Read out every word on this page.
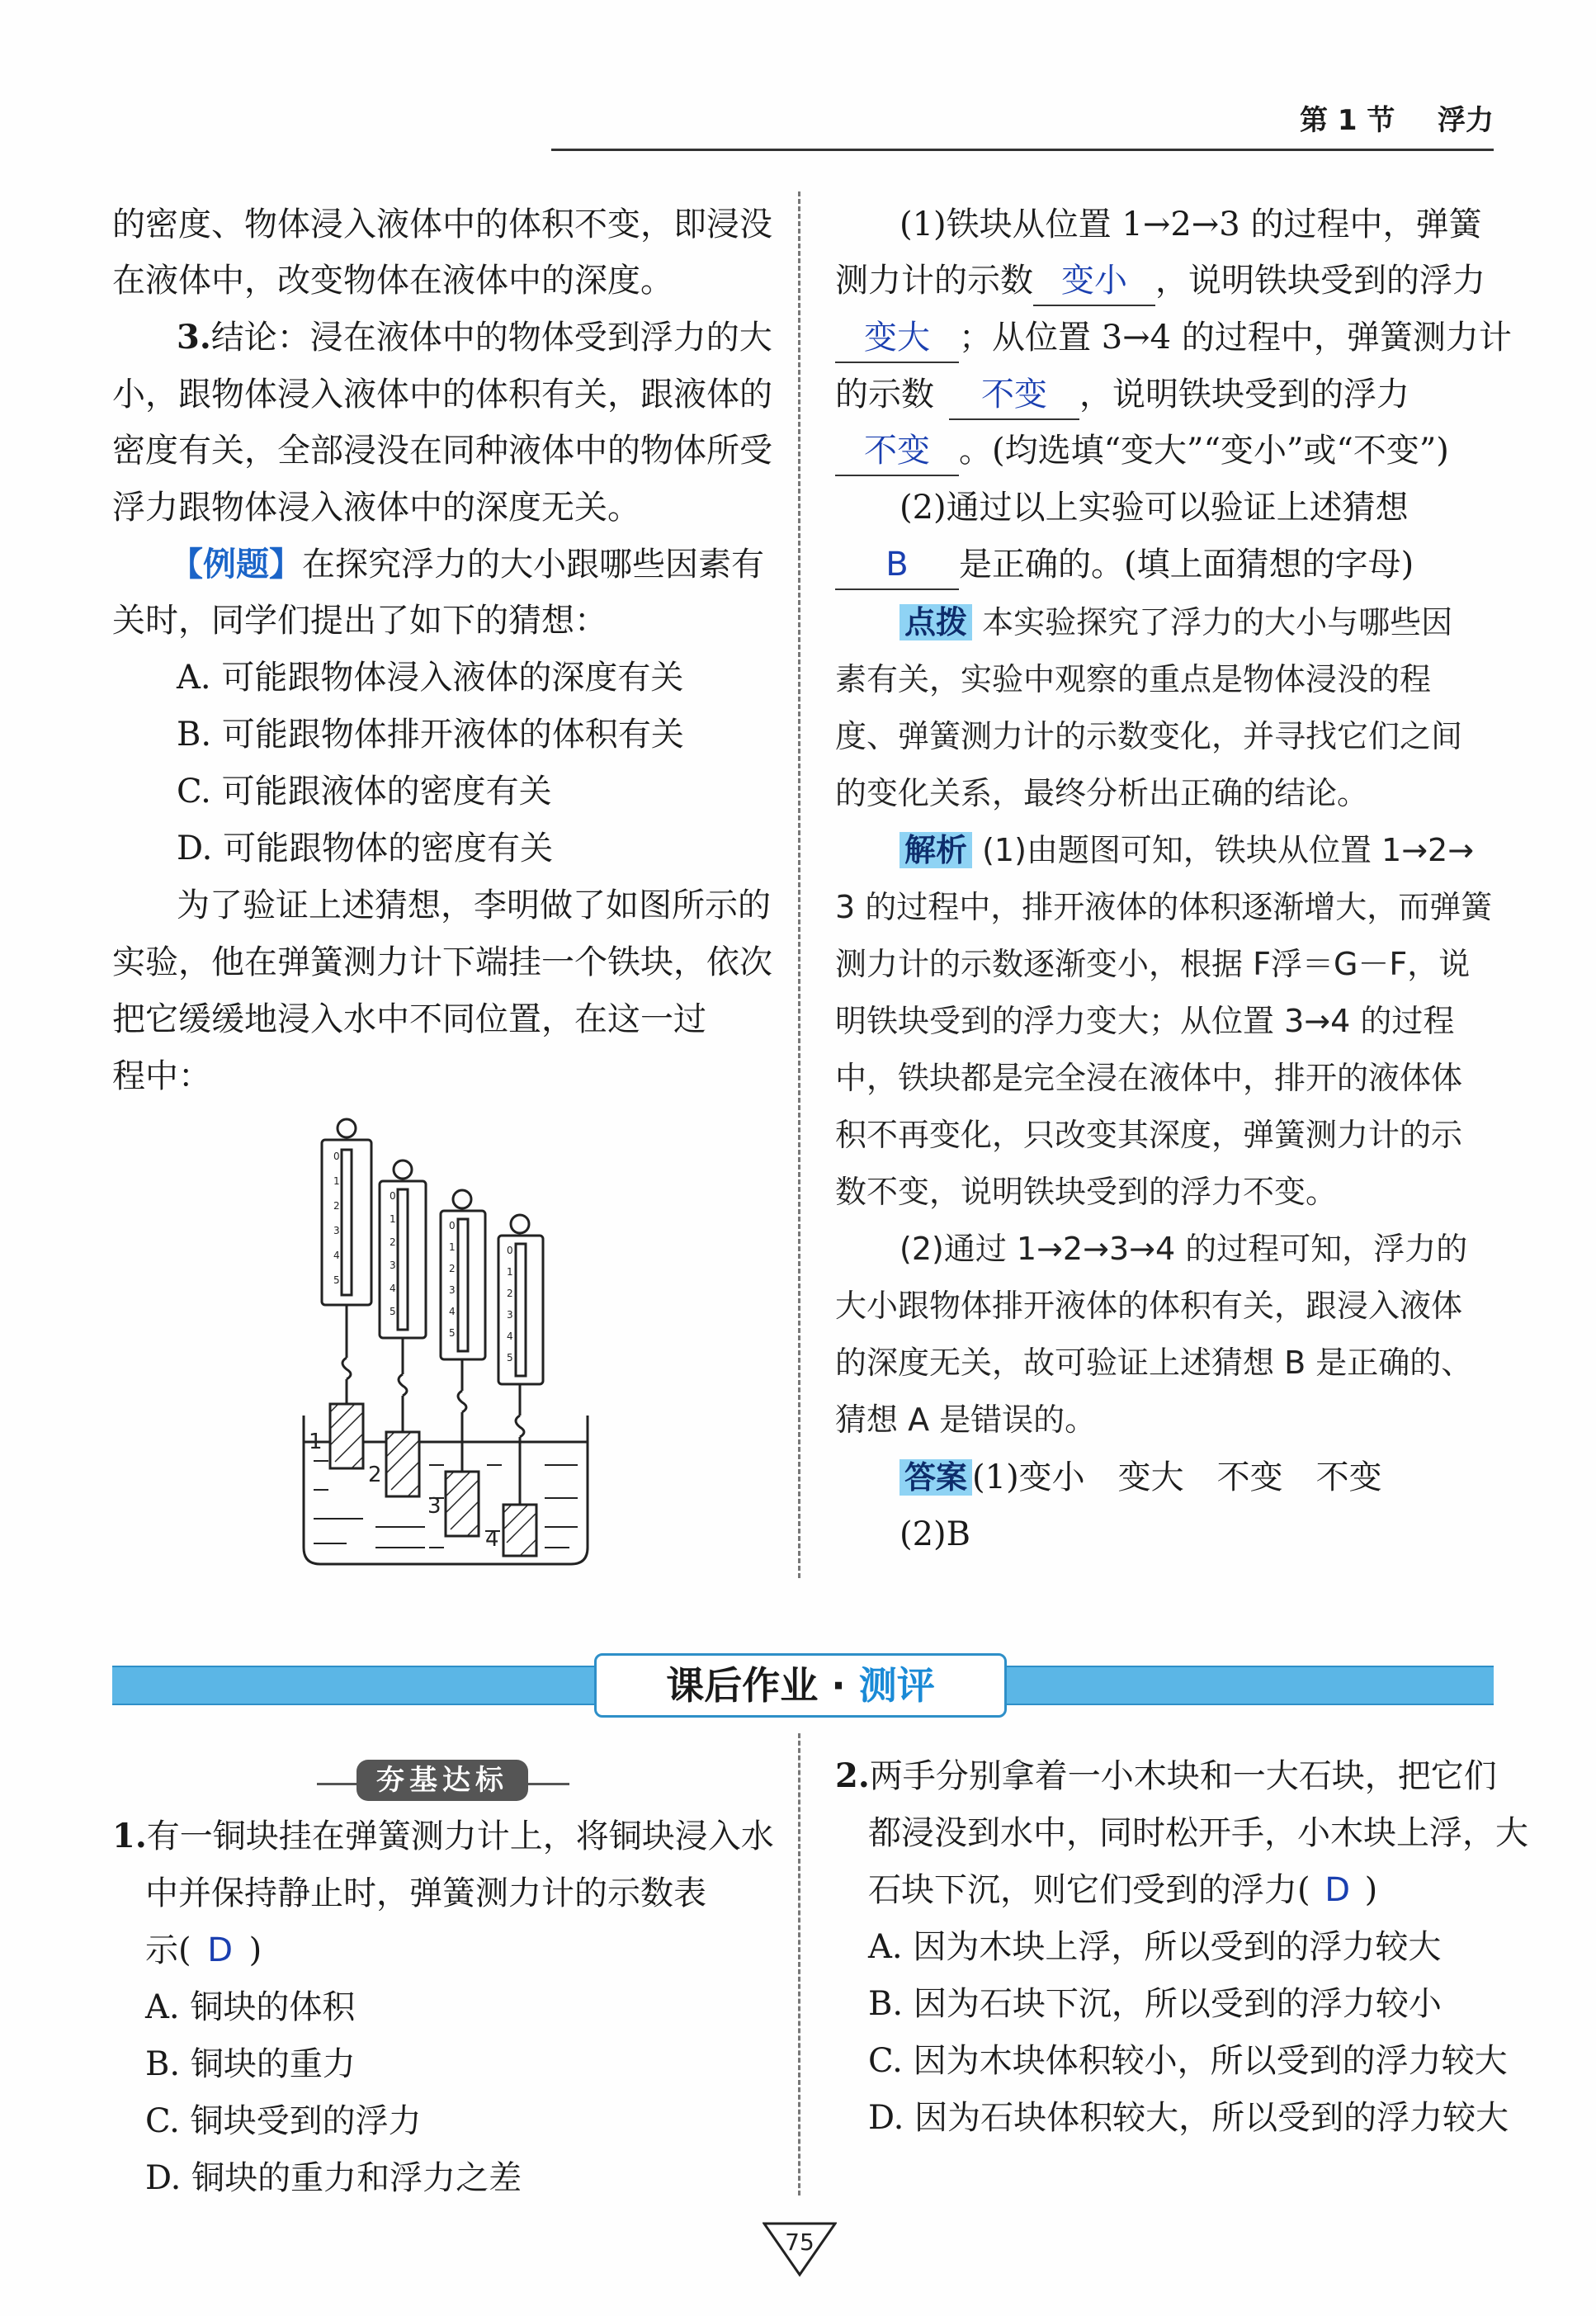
第 1 节 浮力
的密度、物体浸入液体中的体积不变，即浸没
在液体中，改变物体在液体中的深度。
3.结论：浸在液体中的物体受到浮力的大
小，跟物体浸入液体中的体积有关，跟液体的
密度有关，全部浸没在同种液体中的物体所受
浮力跟物体浸入液体中的深度无关。
【例题】在探究浮力的大小跟哪些因素有
关时，同学们提出了如下的猜想：
A. 可能跟物体浸入液体的深度有关
B. 可能跟物体排开液体的体积有关
C. 可能跟液体的密度有关
D. 可能跟物体的密度有关
为了验证上述猜想，李明做了如图所示的
实验，他在弹簧测力计下端挂一个铁块，依次
把它缓缓地浸入水中不同位置，在这一过
程中：
0
1
2
3
4
5
0
1
2
3
4
5
0
1
2
3
4
5
0
1
2
3
4
5
1
2
3
4
(1)铁块从位置 1→2→3 的过程中，弹簧
测力计的示数 变小 ，说明铁块受到的浮力
变大 ；从位置 3→4 的过程中，弹簧测力计
的示数 不变 ，说明铁块受到的浮力
不变 。(均选填“变大”“变小”或“不变”)
(2)通过以上实验可以验证上述猜想
B 是正确的。(填上面猜想的字母)
点拨 本实验探究了浮力的大小与哪些因
素有关，实验中观察的重点是物体浸没的程
度、弹簧测力计的示数变化，并寻找它们之间
的变化关系，最终分析出正确的结论。
解析 (1)由题图可知，铁块从位置 1→2→
3 的过程中，排开液体的体积逐渐增大，而弹簧
测力计的示数逐渐变小，根据 F浮＝G－F，说
明铁块受到的浮力变大；从位置 3→4 的过程
中，铁块都是完全浸在液体中，排开的液体体
积不再变化，只改变其深度，弹簧测力计的示
数不变，说明铁块受到的浮力不变。
(2)通过 1→2→3→4 的过程可知，浮力的
大小跟物体排开液体的体积有关，跟浸入液体
的深度无关，故可验证上述猜想 B 是正确的、
猜想 A 是错误的。
答案 (1)变小　变大　不变　不变
(2)B
课后作业 · 测评
夯基达标
1.有一铜块挂在弹簧测力计上，将铜块浸入水
中并保持静止时，弹簧测力计的示数表
示( D )
A. 铜块的体积
B. 铜块的重力
C. 铜块受到的浮力
D. 铜块的重力和浮力之差
2.两手分别拿着一小木块和一大石块，把它们
都浸没到水中，同时松开手，小木块上浮，大
石块下沉，则它们受到的浮力( D )
A. 因为木块上浮，所以受到的浮力较大
B. 因为石块下沉，所以受到的浮力较小
C. 因为木块体积较小，所以受到的浮力较大
D. 因为石块体积较大，所以受到的浮力较大
75
